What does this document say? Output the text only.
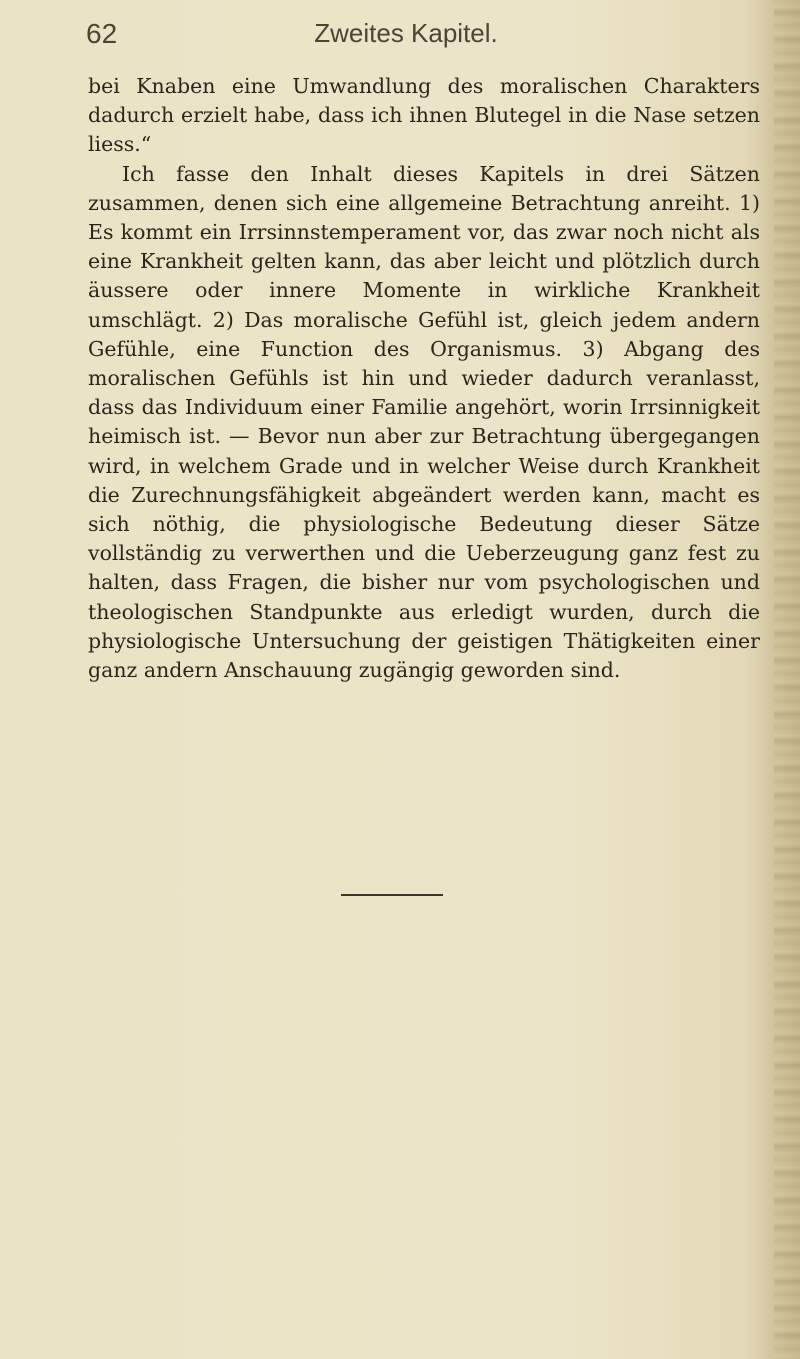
62	Zweites Kapitel.

bei Knaben eine Umwandlung des moralischen Charakters dadurch erzielt habe, dass ich ihnen Blutegel in die Nase setzen liess.“

Ich fasse den Inhalt dieses Kapitels in drei Sätzen zusammen, denen sich eine allgemeine Betrachtung anreiht. 1) Es kommt ein Irrsinnstemperament vor, das zwar noch nicht als eine Krankheit gelten kann, das aber leicht und plötzlich durch äussere oder innere Momente in wirkliche Krankheit umschlägt. 2) Das moralische Gefühl ist, gleich jedem andern Gefühle, eine Function des Organismus. 3) Abgang des moralischen Gefühls ist hin und wieder dadurch veranlasst, dass das Individuum einer Familie angehört, worin Irrsinnigkeit heimisch ist. — Bevor nun aber zur Betrachtung übergegangen wird, in welchem Grade und in welcher Weise durch Krankheit die Zurechnungsfähigkeit abgeändert werden kann, macht es sich nöthig, die physiologische Bedeutung dieser Sätze vollständig zu verwerthen und die Ueberzeugung ganz fest zu halten, dass Fragen, die bisher nur vom psychologischen und theologischen Standpunkte aus erledigt wurden, durch die physiologische Untersuchung der geistigen Thätigkeiten einer ganz andern Anschauung zugängig geworden sind.
